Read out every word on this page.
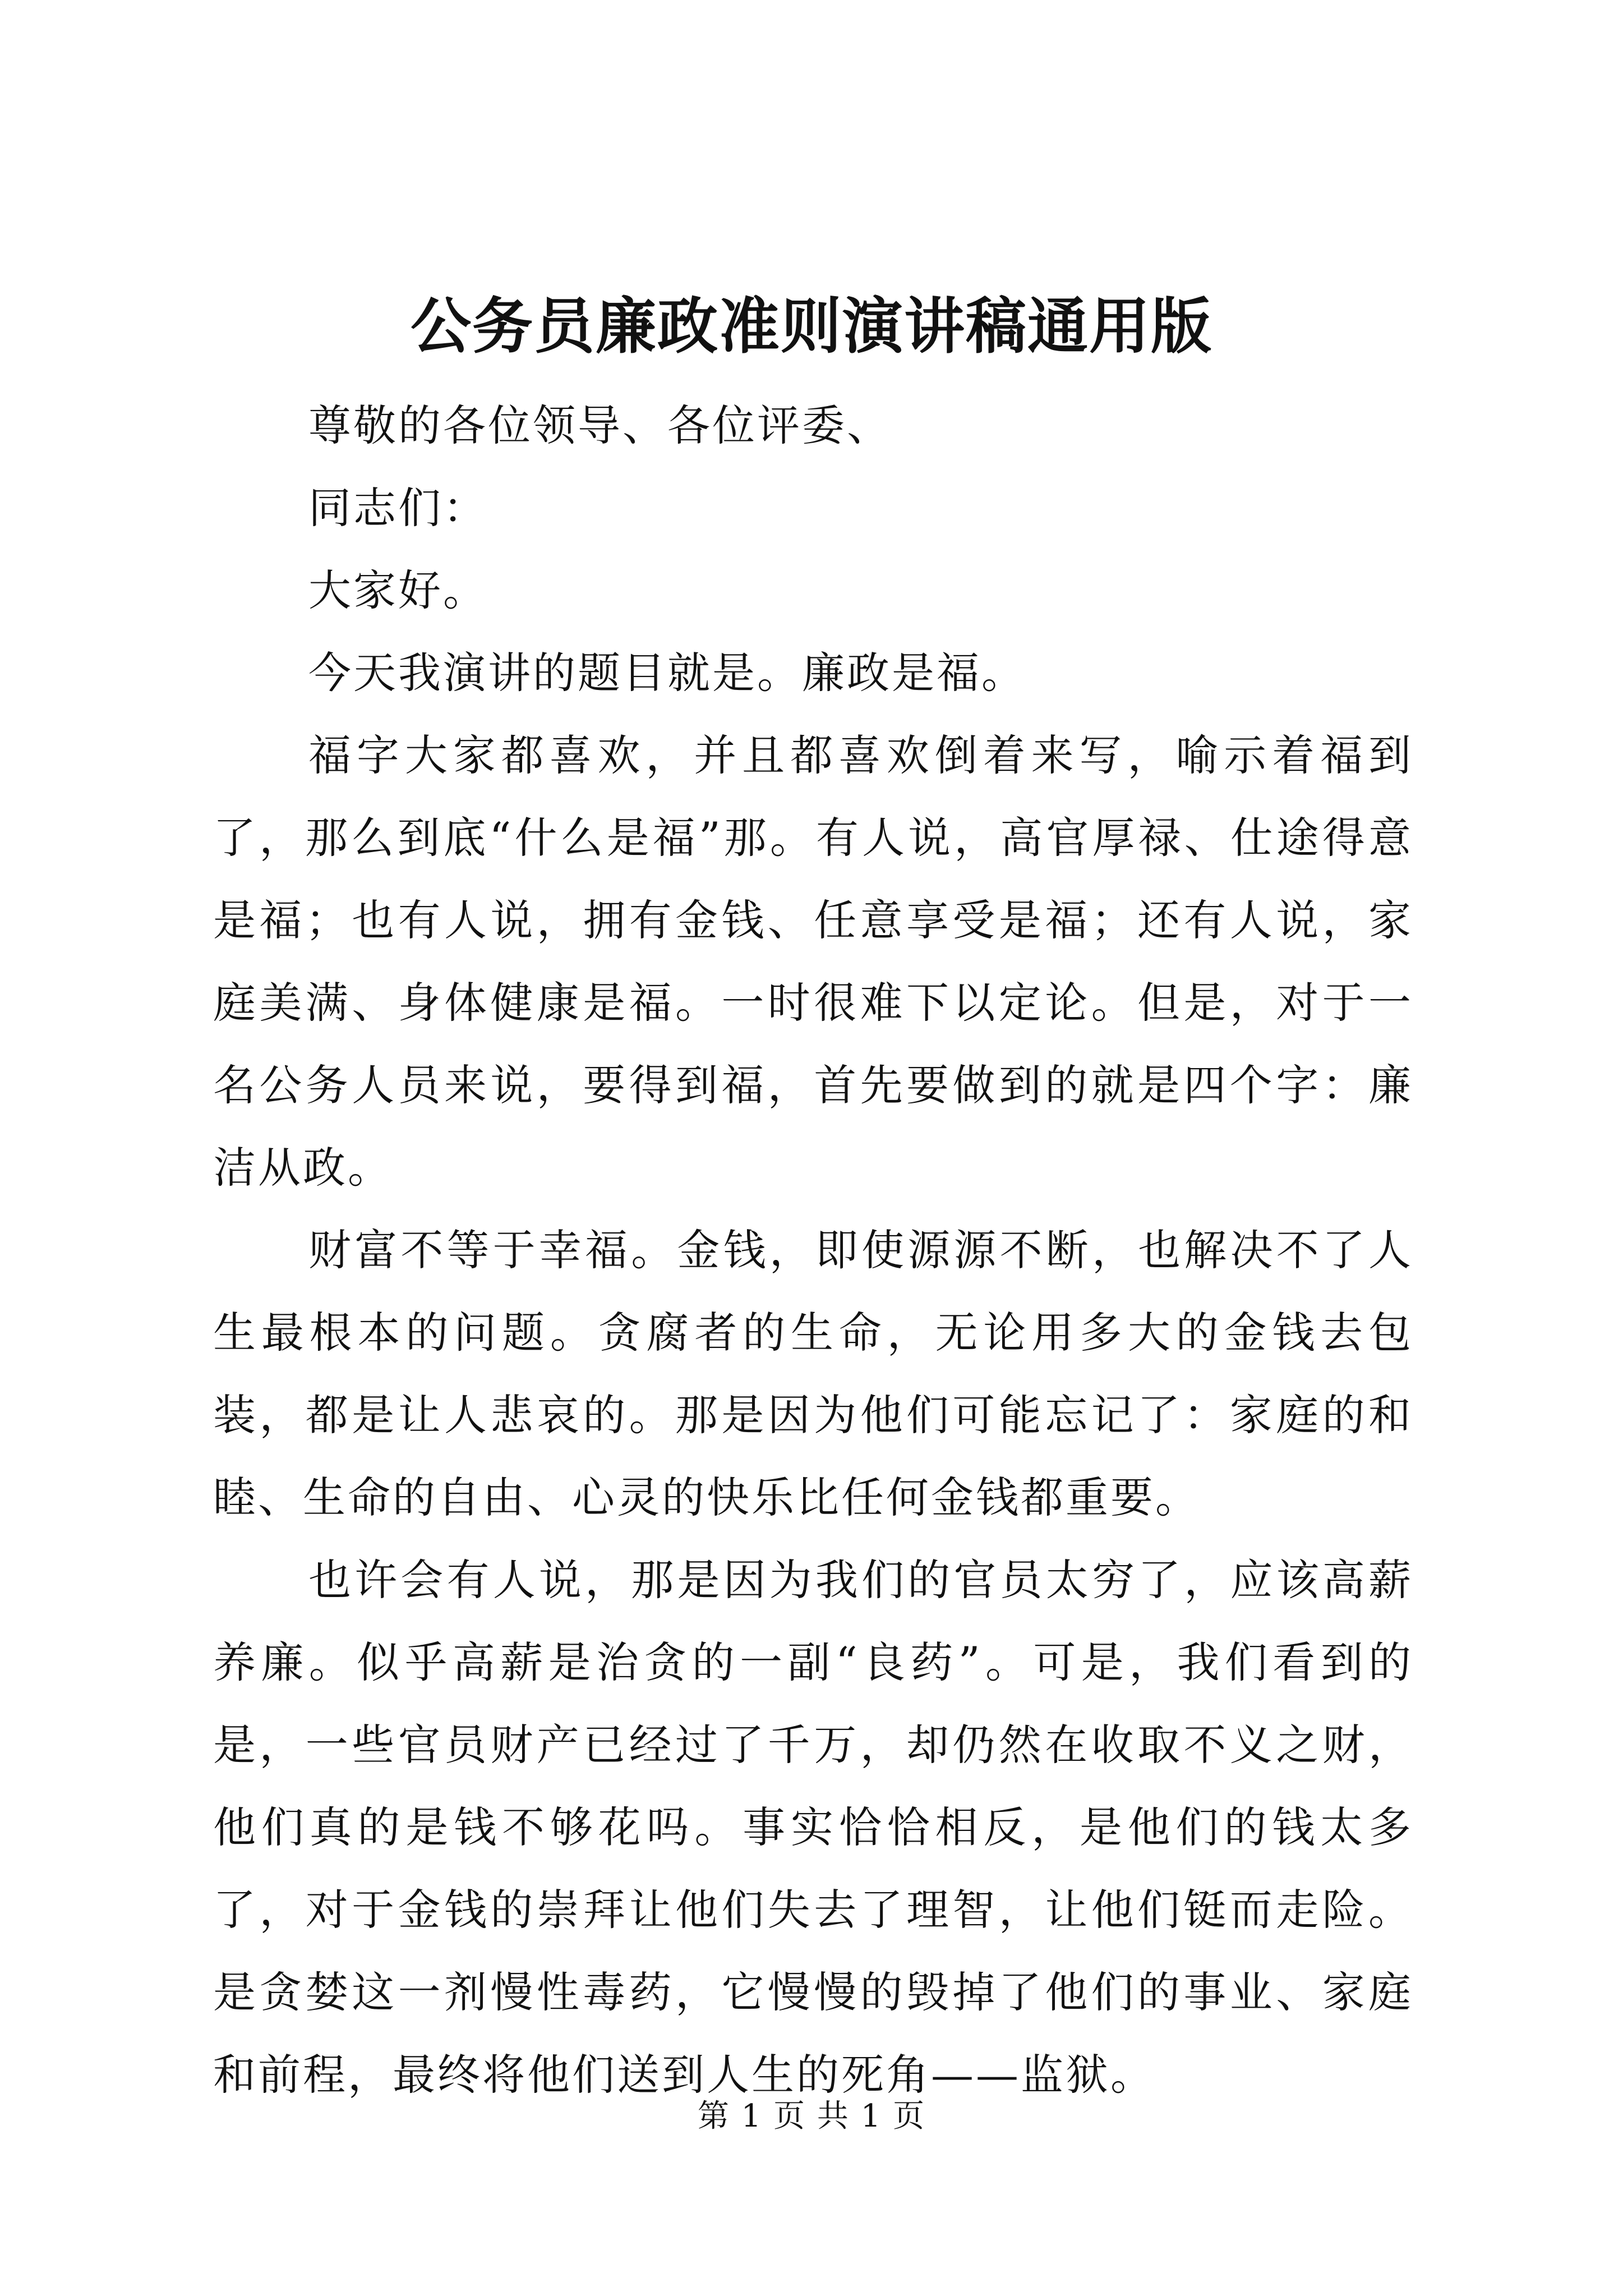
公务员廉政准则演讲稿通用版

尊敬的各位领导、各位评委、

同志们：

大家好。

今天我演讲的题目就是。廉政是福。

福字大家都喜欢，并且都喜欢倒着来写，喻示着福到了，那么到底“什么是福”那。有人说，高官厚禄、仕途得意是福；也有人说，拥有金钱、任意享受是福；还有人说，家庭美满、身体健康是福。一时很难下以定论。但是，对于一名公务人员来说，要得到福，首先要做到的就是四个字：廉洁从政。

财富不等于幸福。金钱，即使源源不断，也解决不了人生最根本的问题。贪腐者的生命，无论用多大的金钱去包装，都是让人悲哀的。那是因为他们可能忘记了：家庭的和睦、生命的自由、心灵的快乐比任何金钱都重要。

也许会有人说，那是因为我们的官员太穷了，应该高薪养廉。似乎高薪是治贪的一副“良药”。可是，我们看到的是，一些官员财产已经过了千万，却仍然在收取不义之财，他们真的是钱不够花吗。事实恰恰相反，是他们的钱太多了，对于金钱的崇拜让他们失去了理智，让他们铤而走险。是贪婪这一剂慢性毒药，它慢慢的毁掉了他们的事业、家庭和前程，最终将他们送到人生的死角——监狱。

第 1 页 共 1 页
